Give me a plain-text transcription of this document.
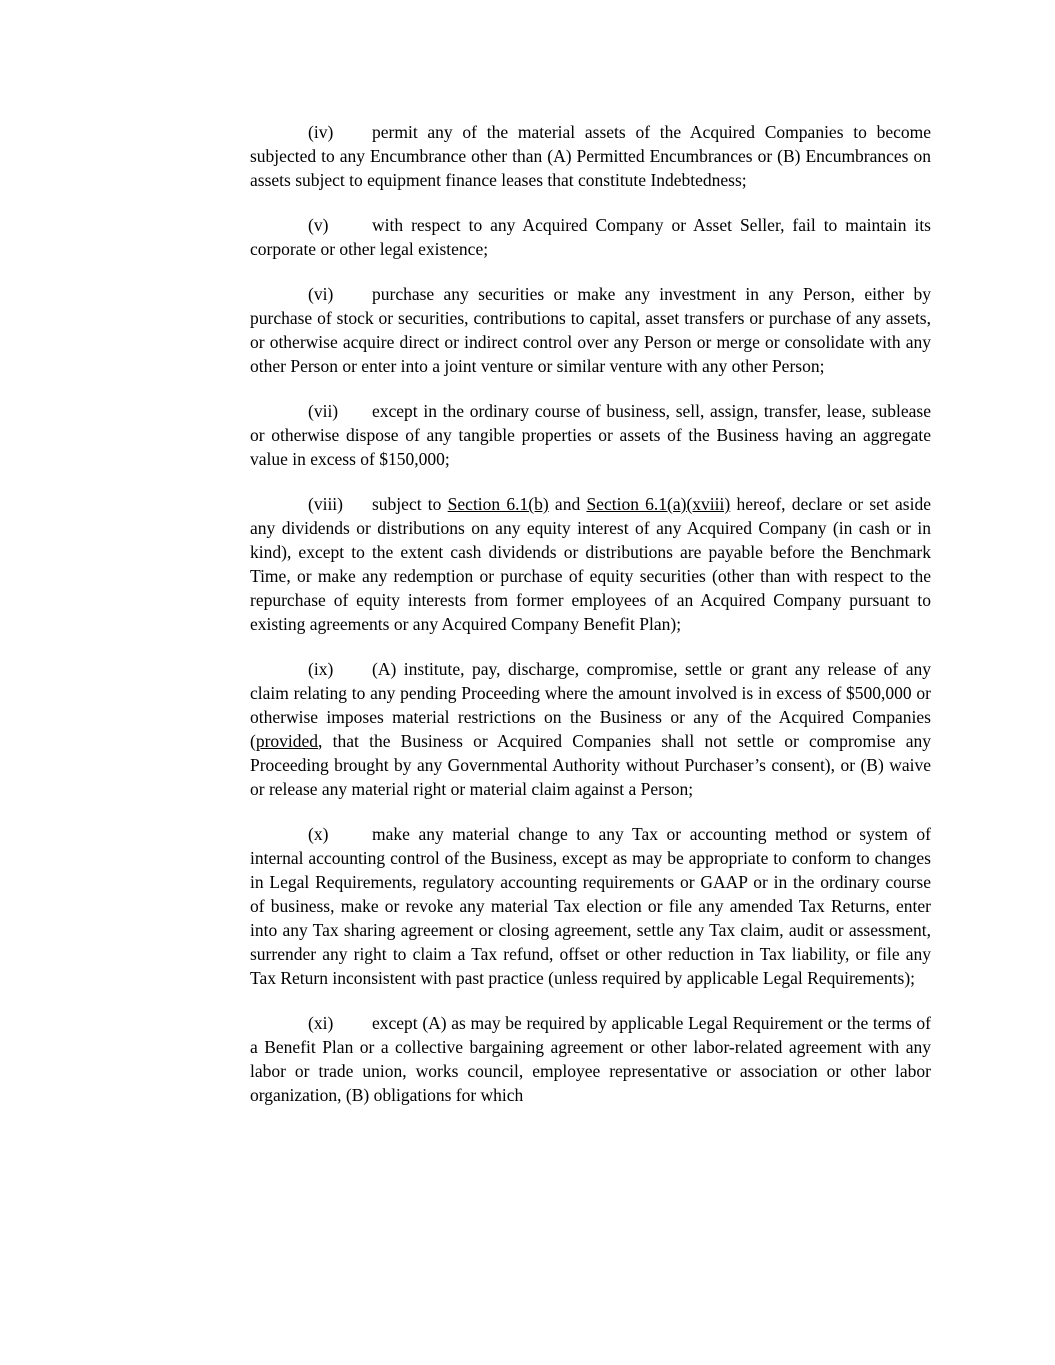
(iv) permit any of the material assets of the Acquired Companies to become subjected to any Encumbrance other than (A) Permitted Encumbrances or (B) Encumbrances on assets subject to equipment finance leases that constitute Indebtedness;

(v) with respect to any Acquired Company or Asset Seller, fail to maintain its corporate or other legal existence;

(vi) purchase any securities or make any investment in any Person, either by purchase of stock or securities, contributions to capital, asset transfers or purchase of any assets, or otherwise acquire direct or indirect control over any Person or merge or consolidate with any other Person or enter into a joint venture or similar venture with any other Person;

(vii) except in the ordinary course of business, sell, assign, transfer, lease, sublease or otherwise dispose of any tangible properties or assets of the Business having an aggregate value in excess of $150,000;

(viii) subject to Section 6.1(b) and Section 6.1(a)(xviii) hereof, declare or set aside any dividends or distributions on any equity interest of any Acquired Company (in cash or in kind), except to the extent cash dividends or distributions are payable before the Benchmark Time, or make any redemption or purchase of equity securities (other than with respect to the repurchase of equity interests from former employees of an Acquired Company pursuant to existing agreements or any Acquired Company Benefit Plan);

(ix) (A) institute, pay, discharge, compromise, settle or grant any release of any claim relating to any pending Proceeding where the amount involved is in excess of $500,000 or otherwise imposes material restrictions on the Business or any of the Acquired Companies (provided, that the Business or Acquired Companies shall not settle or compromise any Proceeding brought by any Governmental Authority without Purchaser’s consent), or (B) waive or release any material right or material claim against a Person;

(x) make any material change to any Tax or accounting method or system of internal accounting control of the Business, except as may be appropriate to conform to changes in Legal Requirements, regulatory accounting requirements or GAAP or in the ordinary course of business, make or revoke any material Tax election or file any amended Tax Returns, enter into any Tax sharing agreement or closing agreement, settle any Tax claim, audit or assessment, surrender any right to claim a Tax refund, offset or other reduction in Tax liability, or file any Tax Return inconsistent with past practice (unless required by applicable Legal Requirements);

(xi) except (A) as may be required by applicable Legal Requirement or the terms of a Benefit Plan or a collective bargaining agreement or other labor-related agreement with any labor or trade union, works council, employee representative or association or other labor organization, (B) obligations for which
